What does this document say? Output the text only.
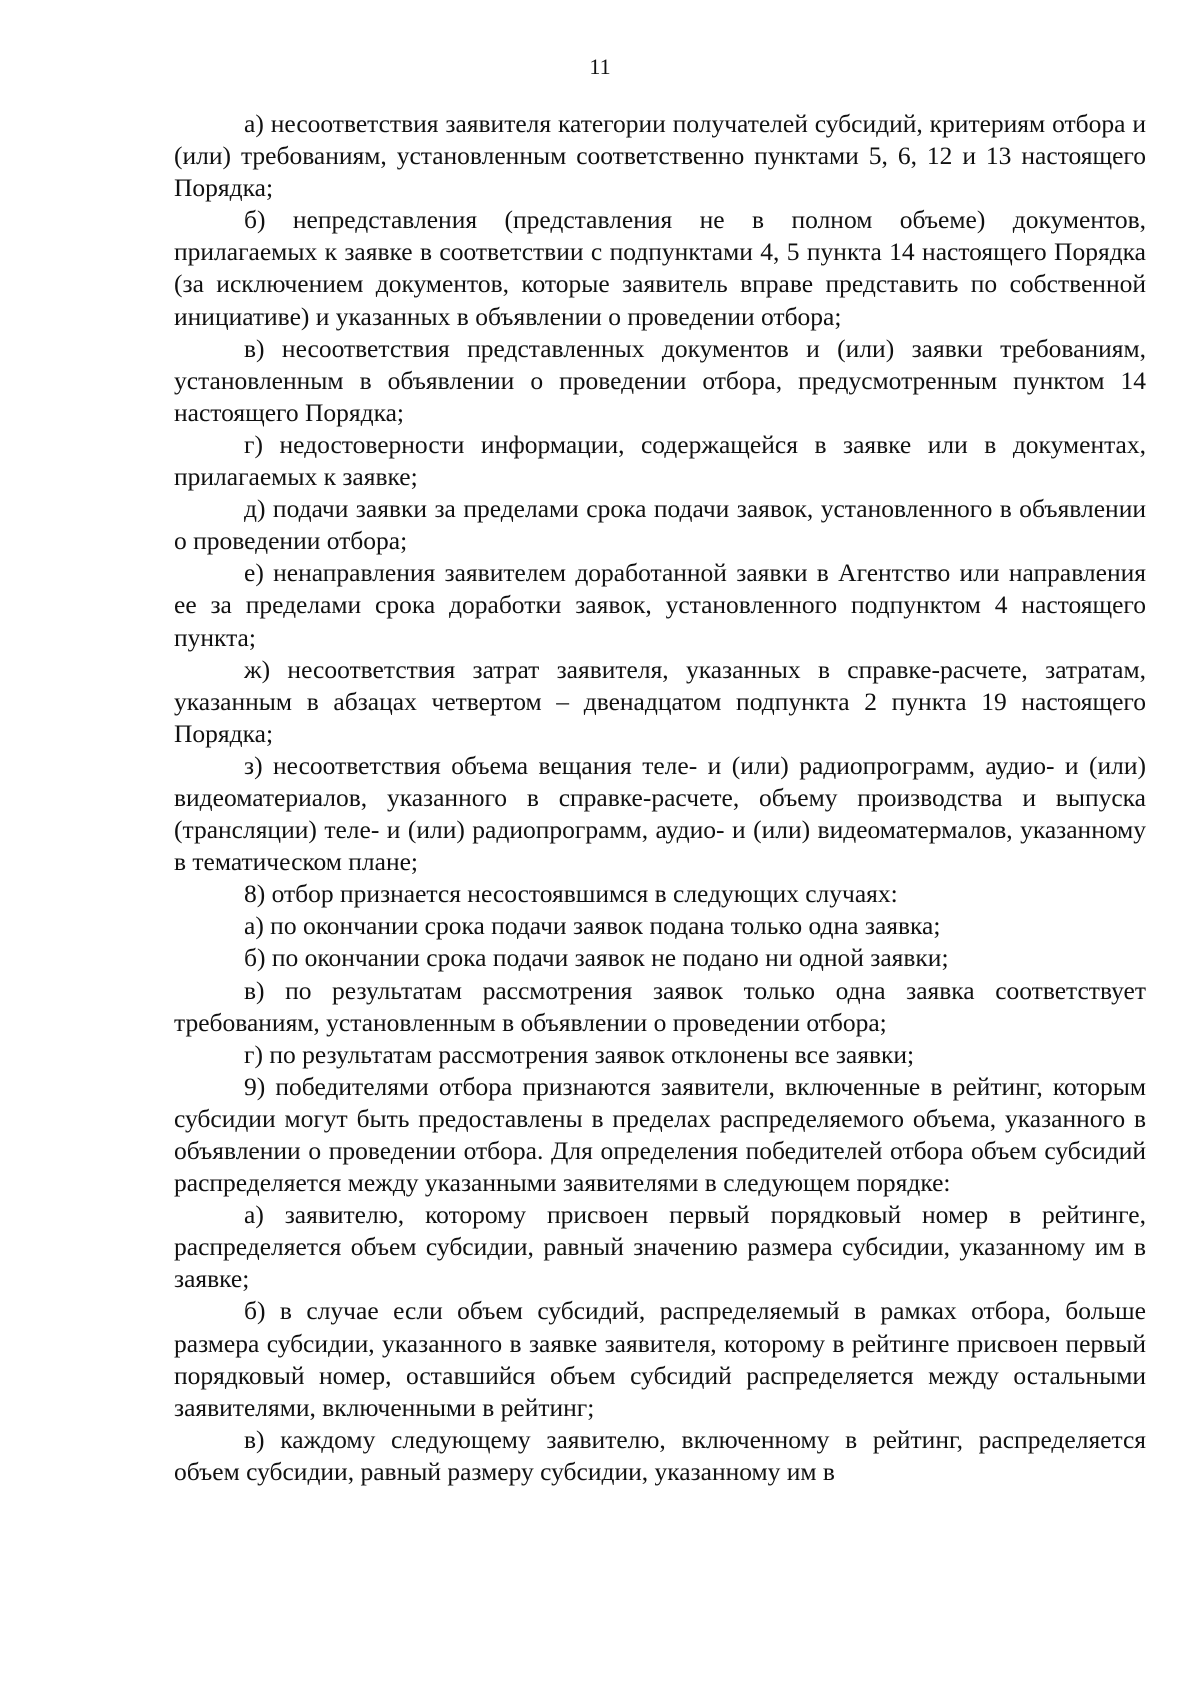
11

а) несоответствия заявителя категории получателей субсидий, критериям отбора и (или) требованиям, установленным соответственно пунктами 5, 6, 12 и 13 настоящего Порядка;

б) непредставления (представления не в полном объеме) документов, прилагаемых к заявке в соответствии с подпунктами 4, 5 пункта 14 настоящего Порядка (за исключением документов, которые заявитель вправе представить по собственной инициативе) и указанных в объявлении о проведении отбора;

в) несоответствия представленных документов и (или) заявки требованиям, установленным в объявлении о проведении отбора, предусмотренным пунктом 14 настоящего Порядка;

г) недостоверности информации, содержащейся в заявке или в документах, прилагаемых к заявке;

д) подачи заявки за пределами срока подачи заявок, установленного в объявлении о проведении отбора;

е) ненаправления заявителем доработанной заявки в Агентство или направления ее за пределами срока доработки заявок, установленного подпунктом 4 настоящего пункта;

ж) несоответствия затрат заявителя, указанных в справке-расчете, затратам, указанным в абзацах четвертом – двенадцатом подпункта 2 пункта 19 настоящего Порядка;

з) несоответствия объема вещания теле- и (или) радиопрограмм, аудио- и (или) видеоматериалов, указанного в справке-расчете, объему производства и выпуска (трансляции) теле- и (или) радиопрограмм, аудио- и (или) видеоматермалов, указанному в тематическом плане;

8) отбор признается несостоявшимся в следующих случаях:

а) по окончании срока подачи заявок подана только одна заявка;

б) по окончании срока подачи заявок не подано ни одной заявки;

в) по результатам рассмотрения заявок только одна заявка соответствует требованиям, установленным в объявлении о проведении отбора;

г) по результатам рассмотрения заявок отклонены все заявки;

9) победителями отбора признаются заявители, включенные в рейтинг, которым субсидии могут быть предоставлены в пределах распределяемого объема, указанного в объявлении о проведении отбора. Для определения победителей отбора объем субсидий распределяется между указанными заявителями в следующем порядке:

а) заявителю, которому присвоен первый порядковый номер в рейтинге, распределяется объем субсидии, равный значению размера субсидии, указанному им в заявке;

б) в случае если объем субсидий, распределяемый в рамках отбора, больше размера субсидии, указанного в заявке заявителя, которому в рейтинге присвоен первый порядковый номер, оставшийся объем субсидий распределяется между остальными заявителями, включенными в рейтинг;

в) каждому следующему заявителю, включенному в рейтинг, распределяется объем субсидии, равный размеру субсидии, указанному им в
